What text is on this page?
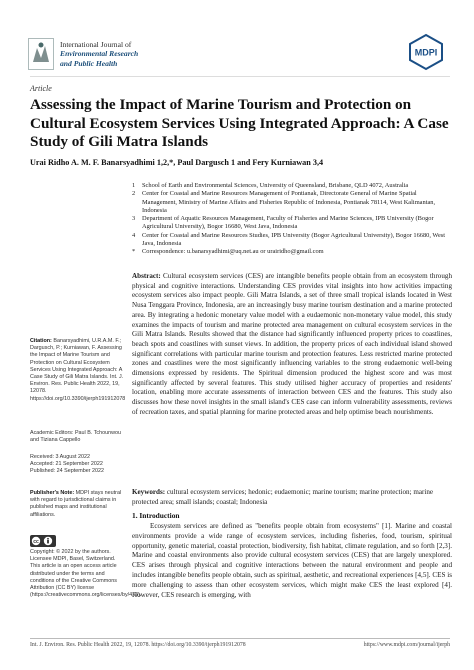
International Journal of
Environmental Research
and Public Health
MDPI
Article
Assessing the Impact of Marine Tourism and Protection on Cultural Ecosystem Services Using Integrated Approach: A Case Study of Gili Matra Islands
Urai Ridho A. M. F. Banarsyadhimi 1,2,*, Paul Dargusch 1 and Fery Kurniawan 3,4
1	School of Earth and Environmental Sciences, University of Queensland, Brisbane, QLD 4072, Australia
2	Center for Coastal and Marine Resources Management of Pontianak, Directorate General of Marine Spatial Management, Ministry of Marine Affairs and Fisheries Republic of Indonesia, Pontianak 78114, West Kalimantan, Indonesia
3	Department of Aquatic Resources Management, Faculty of Fisheries and Marine Sciences, IPB University (Bogor Agricultural University), Bogor 16680, West Java, Indonesia
4	Center for Coastal and Marine Resources Studies, IPB University (Bogor Agricultural University), Bogor 16680, West Java, Indonesia
*	Correspondence: u.banarsyadhimi@uq.net.au or urairidho@gmail.com
Abstract: Cultural ecosystem services (CES) are intangible benefits people obtain from an ecosystem through physical and cognitive interactions. Understanding CES provides vital insights into how activities impacting ecosystem services also impact people. Gili Matra Islands, a set of three small tropical islands located in West Nusa Tenggara Province, Indonesia, are an increasingly busy marine tourism destination and a marine protected area. By integrating a hedonic monetary value model with a eudaemonic non-monetary value model, this study examines the impacts of tourism and marine protected area management on cultural ecosystem services in the Gili Matra Islands. Results showed that the distance had significantly influenced property prices to coastlines, beach spots and coastlines with sunset views. In addition, the property prices of each individual island showed significant correlations with particular marine tourism and protection features. Less restricted marine protected zones and coastlines were the most significantly influencing variables to the strong eudaemonic well-being dimensions expressed by residents. The Spiritual dimension produced the highest score and was most significantly affected by several features. This study utilised higher accuracy of properties and residents' location, enabling more accurate assessments of interaction between CES and the features. This study also discusses how these novel insights in the small island's CES case can inform vulnerability assessments, reviews of recreation taxes, and spatial planning for marine protected areas and help optimise beach nourishments.
Keywords: cultural ecosystem services; hedonic; eudaemonic; marine tourism; marine protection; marine protected area; small islands; coastal; Indonesia
1. Introduction
Ecosystem services are defined as "benefits people obtain from ecosystems" [1]. Marine and coastal environments provide a wide range of ecosystem services, including fisheries, food, tourism, spiritual opportunity, genetic material, coastal protection, biodiversity, fish habitat, climate regulation, and so forth [2,3]. Marine and coastal environments also provide cultural ecosystem services (CES) that are largely unexplored. CES arises through physical and cognitive interactions between the natural environment and people and includes intangible benefits people obtain, such as spiritual, aesthetic, and recreational experiences [4,5]. CES is more challenging to assess than other ecosystem services, which might make CES the least explored [4]. However, CES research is emerging, with
Citation: Banarsyadhimi, U.R.A.M. F.; Dargusch, P.; Kurniawan, F. Assessing the Impact of Marine Tourism and Protection on Cultural Ecosystem Services Using Integrated Approach: A Case Study of Gili Matra Islands. Int. J. Environ. Res. Public Health 2022, 19, 12078. https://doi.org/10.3390/ijerph191912078
Academic Editors: Paul B. Tchounwou and Tiziana Cappello
Received: 3 August 2022
Accepted: 21 September 2022
Published: 24 September 2022
Publisher's Note: MDPI stays neutral with regard to jurisdictional claims in published maps and institutional affiliations.
cc
Copyright: © 2022 by the authors. Licensee MDPI, Basel, Switzerland. This article is an open access article distributed under the terms and conditions of the Creative Commons Attribution (CC BY) license (https://creativecommons.org/licenses/by/4.0/).
Int. J. Environ. Res. Public Health 2022, 19, 12078. https://doi.org/10.3390/ijerph191912078	https://www.mdpi.com/journal/ijerph
